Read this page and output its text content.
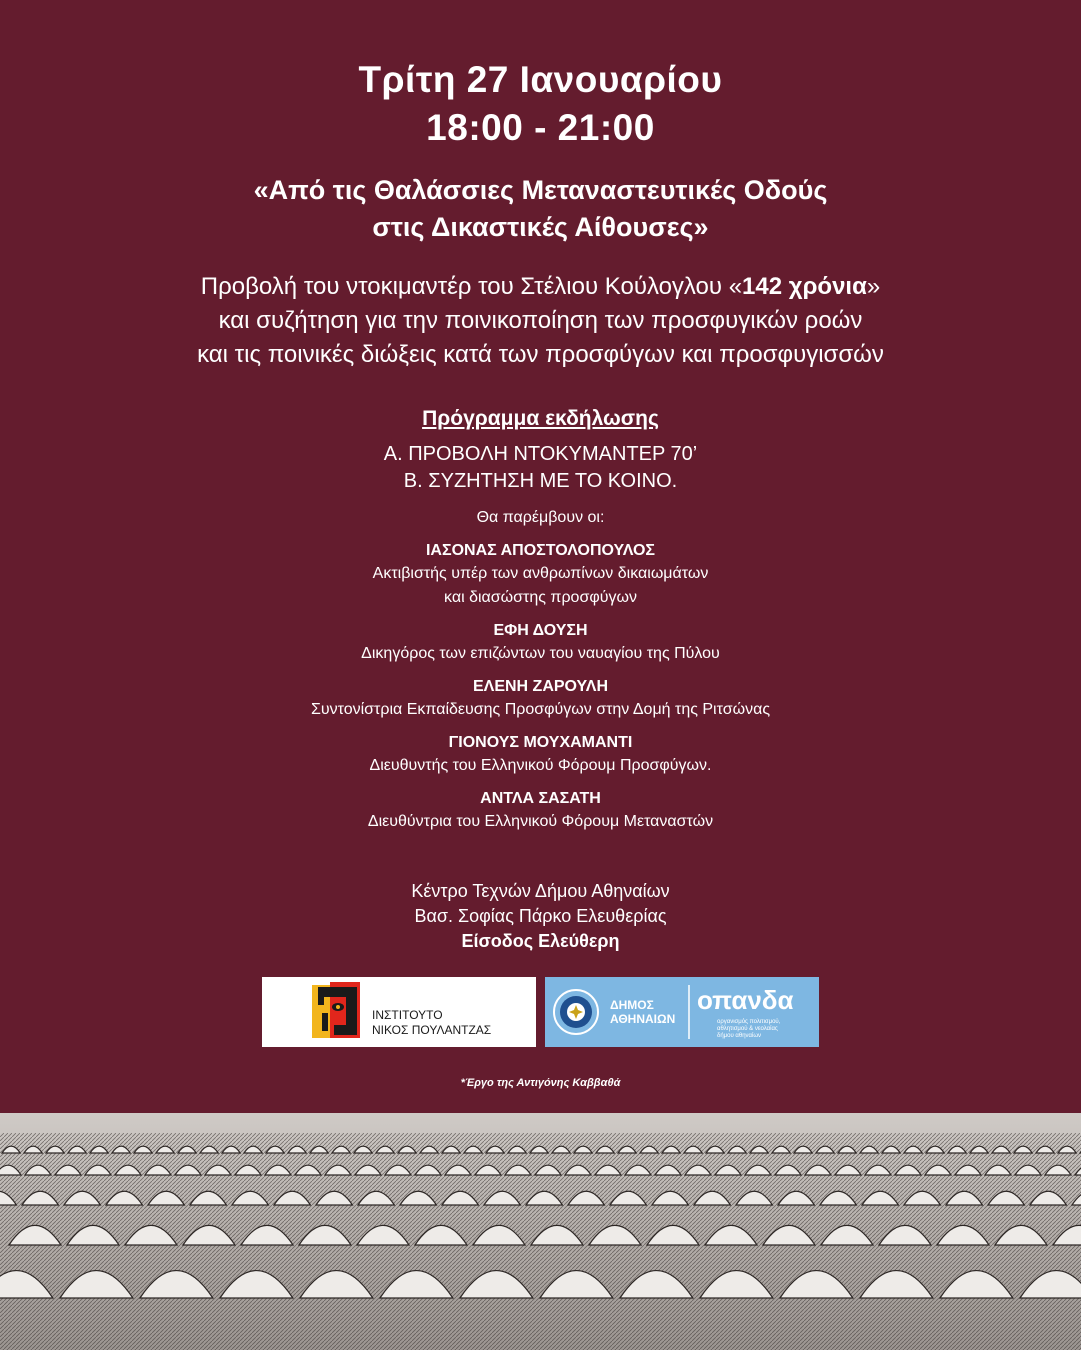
Τρίτη 27 Ιανουαρίου
18:00 - 21:00
«Από τις Θαλάσσιες Μεταναστευτικές Οδούς
στις Δικαστικές Αίθουσες»
Προβολή του ντοκιμαντέρ του Στέλιου Κούλογλου «142 χρόνια»
και συζήτηση για την ποινικοποίηση των προσφυγικών ροών
και τις ποινικές διώξεις κατά των προσφύγων και προσφυγισσών
Πρόγραμμα εκδήλωσης
Α. ΠΡΟΒΟΛΗ ΝΤΟΚΥΜΑΝΤΕΡ 70’
Β. ΣΥΖΗΤΗΣΗ ΜΕ ΤΟ ΚΟΙΝΟ.
Θα παρέμβουν οι:
ΙΑΣΟΝΑΣ ΑΠΟΣΤΟΛΟΠΟΥΛΟΣ
Ακτιβιστής υπέρ των ανθρωπίνων δικαιωμάτων
και διασώστης προσφύγων
ΕΦΗ ΔΟΥΣΗ
Δικηγόρος των επιζώντων του ναυαγίου της Πύλου
ΕΛΕΝΗ ΖΑΡΟΥΛΗ
Συντονίστρια Εκπαίδευσης Προσφύγων στην Δομή της Ριτσώνας
ΓΙΟΝΟΥΣ ΜΟΥΧΑΜΑΝΤΙ
Διευθυντής του Ελληνικού Φόρουμ Προσφύγων.
ΑΝΤΛΑ ΣΑΣΑΤΗ
Διευθύντρια του Ελληνικού Φόρουμ Μεταναστών
Κέντρο Τεχνών Δήμου Αθηναίων
Βασ. Σοφίας Πάρκο Ελευθερίας
Είσοδος Ελεύθερη
ΙΝΣΤΙΤΟΥΤΟ
ΝΙΚΟΣ ΠΟΥΛΑΝΤΖΑΣ
ΔΗΜΟΣ
ΑΘΗΝΑΙΩΝ
οπανδα
οργανισμός πολιτισμού,
αθλητισμού & νεολαίας
δήμου αθηναίων
*Έργο της Αντιγόνης Καββαθά
